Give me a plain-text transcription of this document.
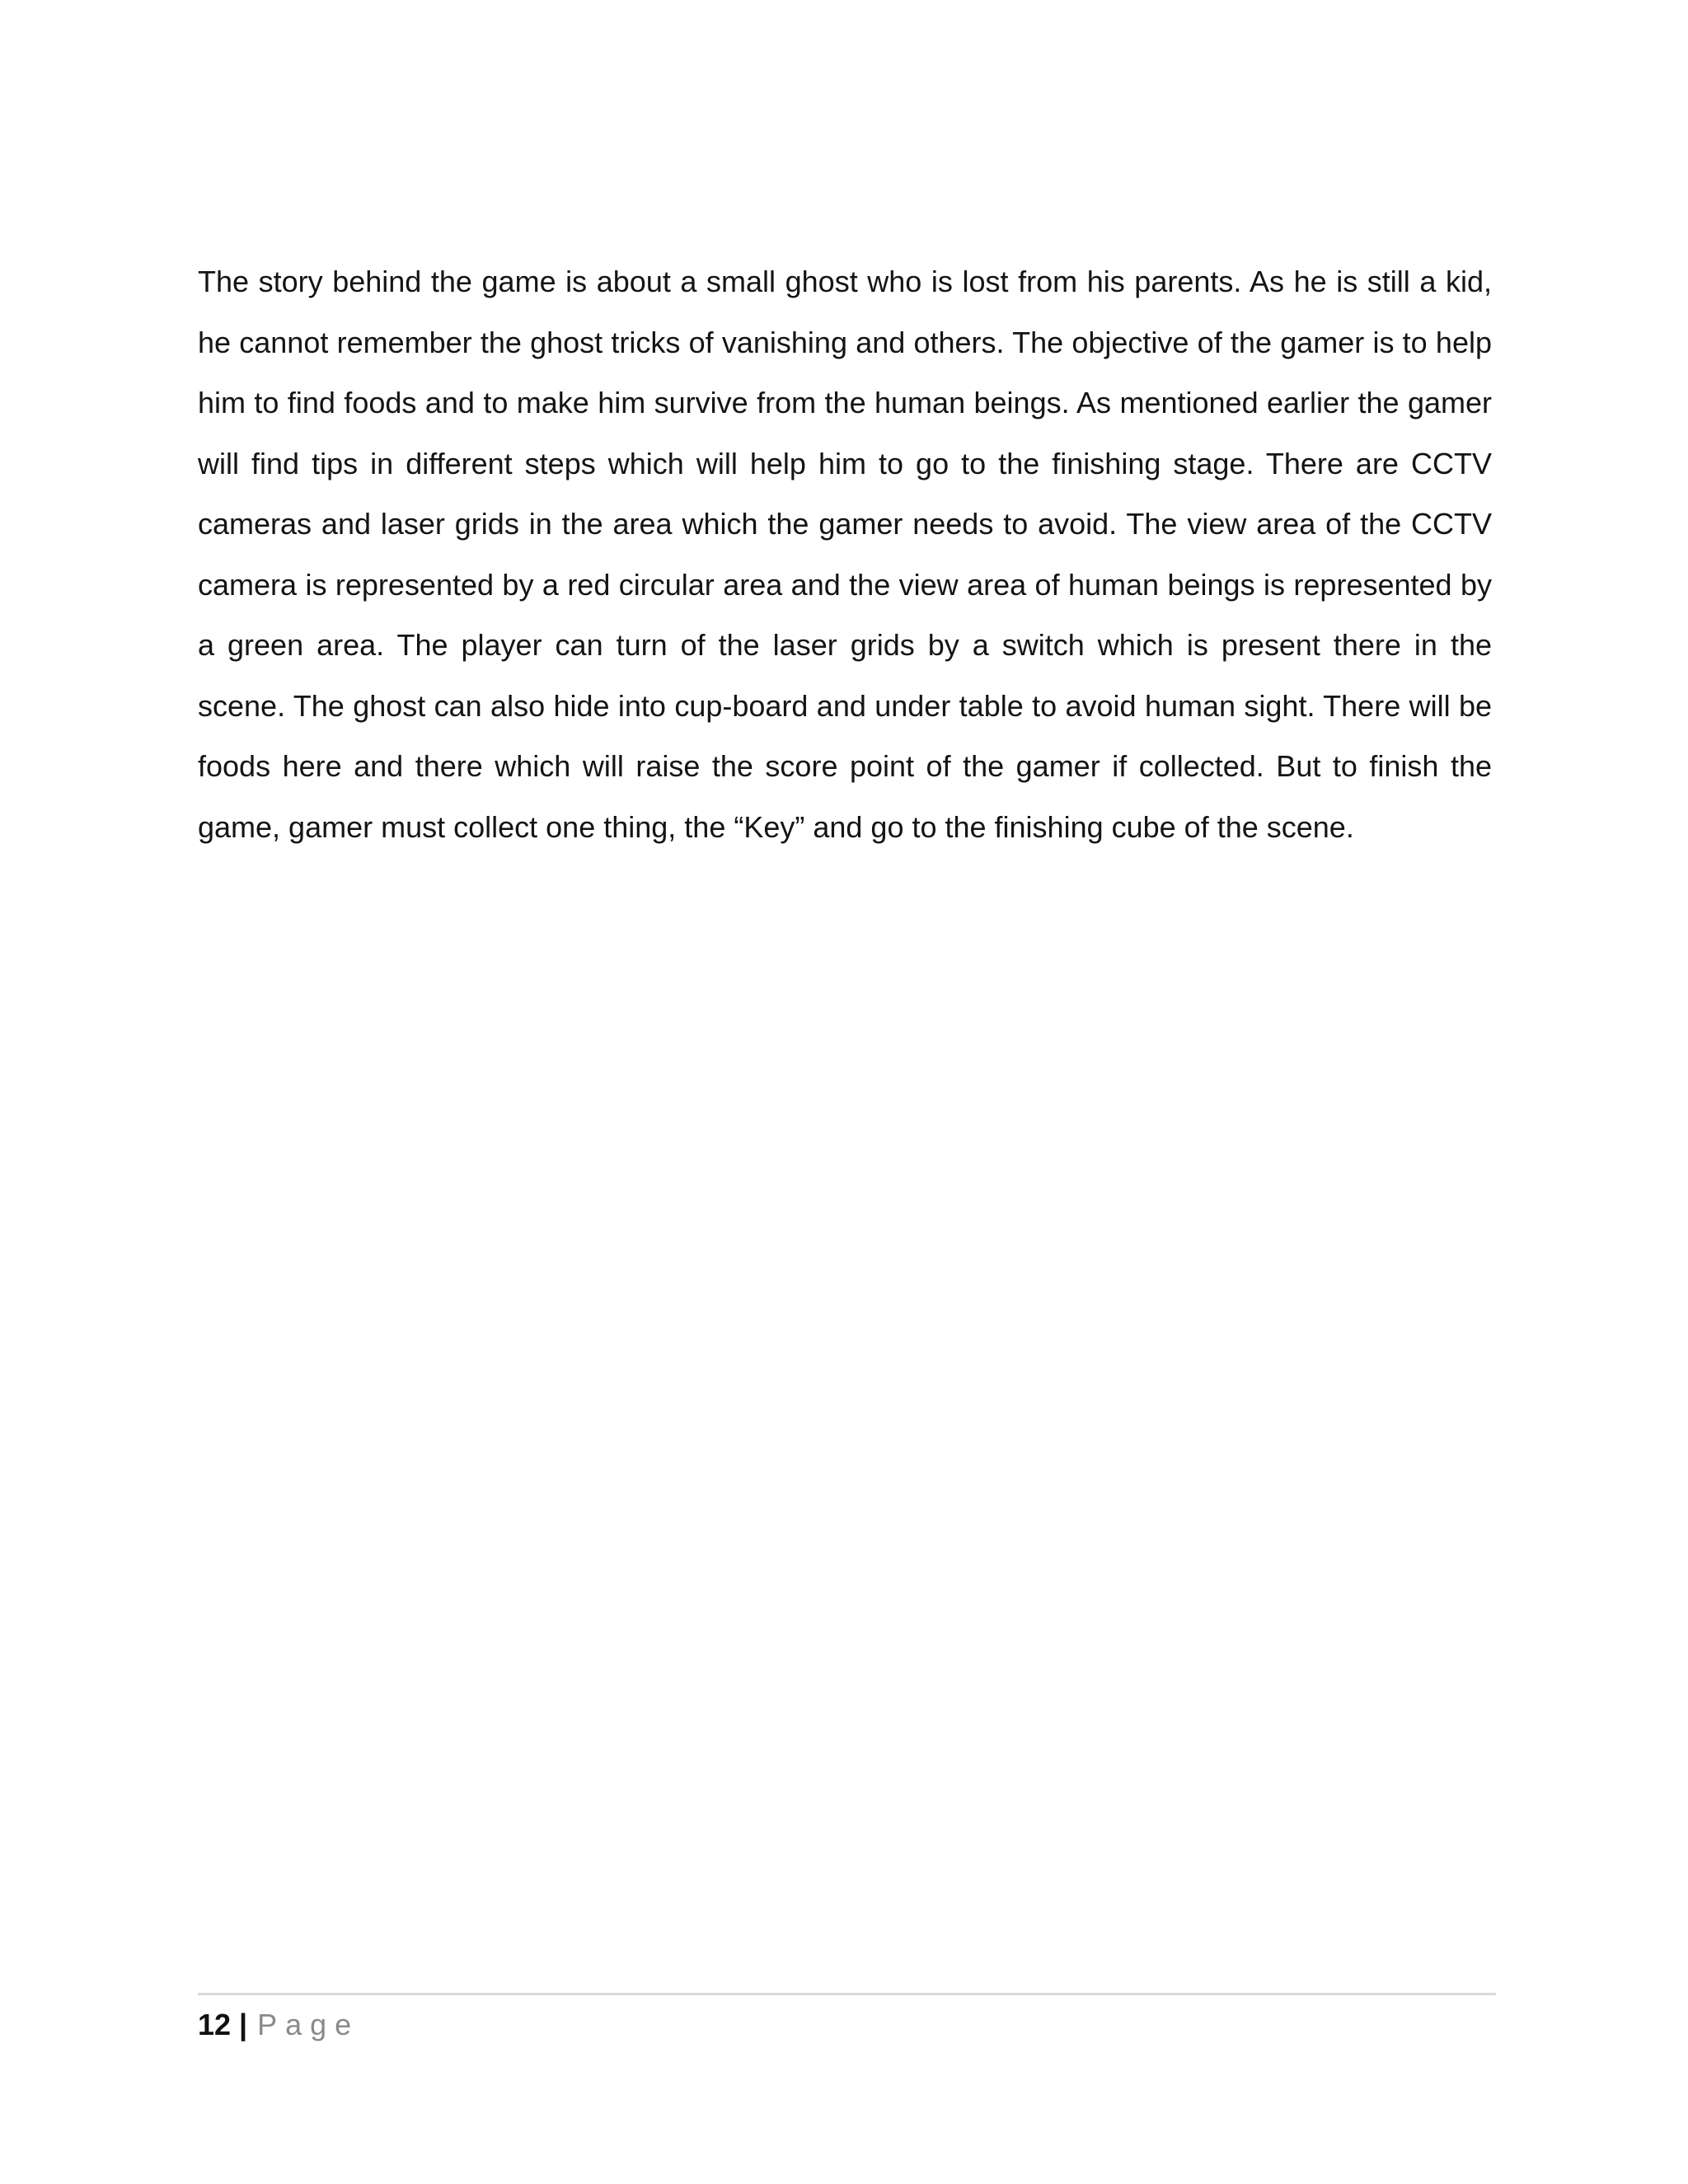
The story behind the game is about a small ghost who is lost from his parents. As he is still a kid, he cannot remember the ghost tricks of vanishing and others. The objective of the gamer is to help him to find foods and to make him survive from the human beings. As mentioned earlier the gamer will find tips in different steps which will help him to go to the finishing stage. There are CCTV cameras and laser grids in the area which the gamer needs to avoid. The view area of the CCTV camera is represented by a red circular area and the view area of human beings is represented by a green area. The player can turn of the laser grids by a switch which is present there in the scene. The ghost can also hide into cup-board and under table to avoid human sight. There will be foods here and there which will raise the score point of the gamer if collected. But to finish the game, gamer must collect one thing, the “Key” and go to the finishing cube of the scene.

12 | Page
